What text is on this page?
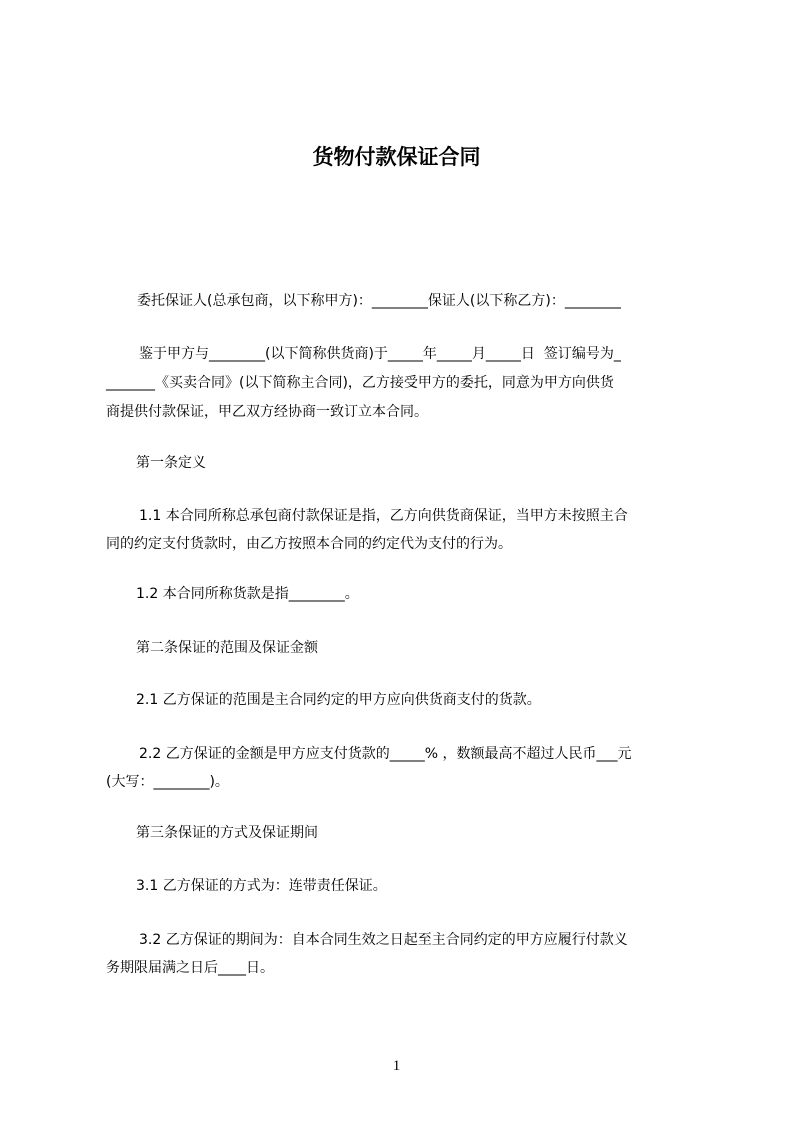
货物付款保证合同
委托保证人(总承包商，以下称甲方)：________保证人(以下称乙方)：________
鉴于甲方与________(以下简称供货商)于_____年_____月_____日  签订编号为_
_______《买卖合同》(以下简称主合同)，乙方接受甲方的委托，同意为甲方向供货
商提供付款保证，甲乙双方经协商一致订立本合同。
第一条定义
1.1 本合同所称总承包商付款保证是指，乙方向供货商保证，当甲方未按照主合
同的约定支付货款时，由乙方按照本合同的约定代为支付的行为。
1.2 本合同所称货款是指________。
第二条保证的范围及保证金额
2.1 乙方保证的范围是主合同约定的甲方应向供货商支付的货款。
2.2 乙方保证的金额是甲方应支付货款的_____% ，数额最高不超过人民币___元
(大写：________)。
第三条保证的方式及保证期间
3.1 乙方保证的方式为：连带责任保证。
3.2 乙方保证的期间为：自本合同生效之日起至主合同约定的甲方应履行付款义
务期限届满之日后____日。
1
